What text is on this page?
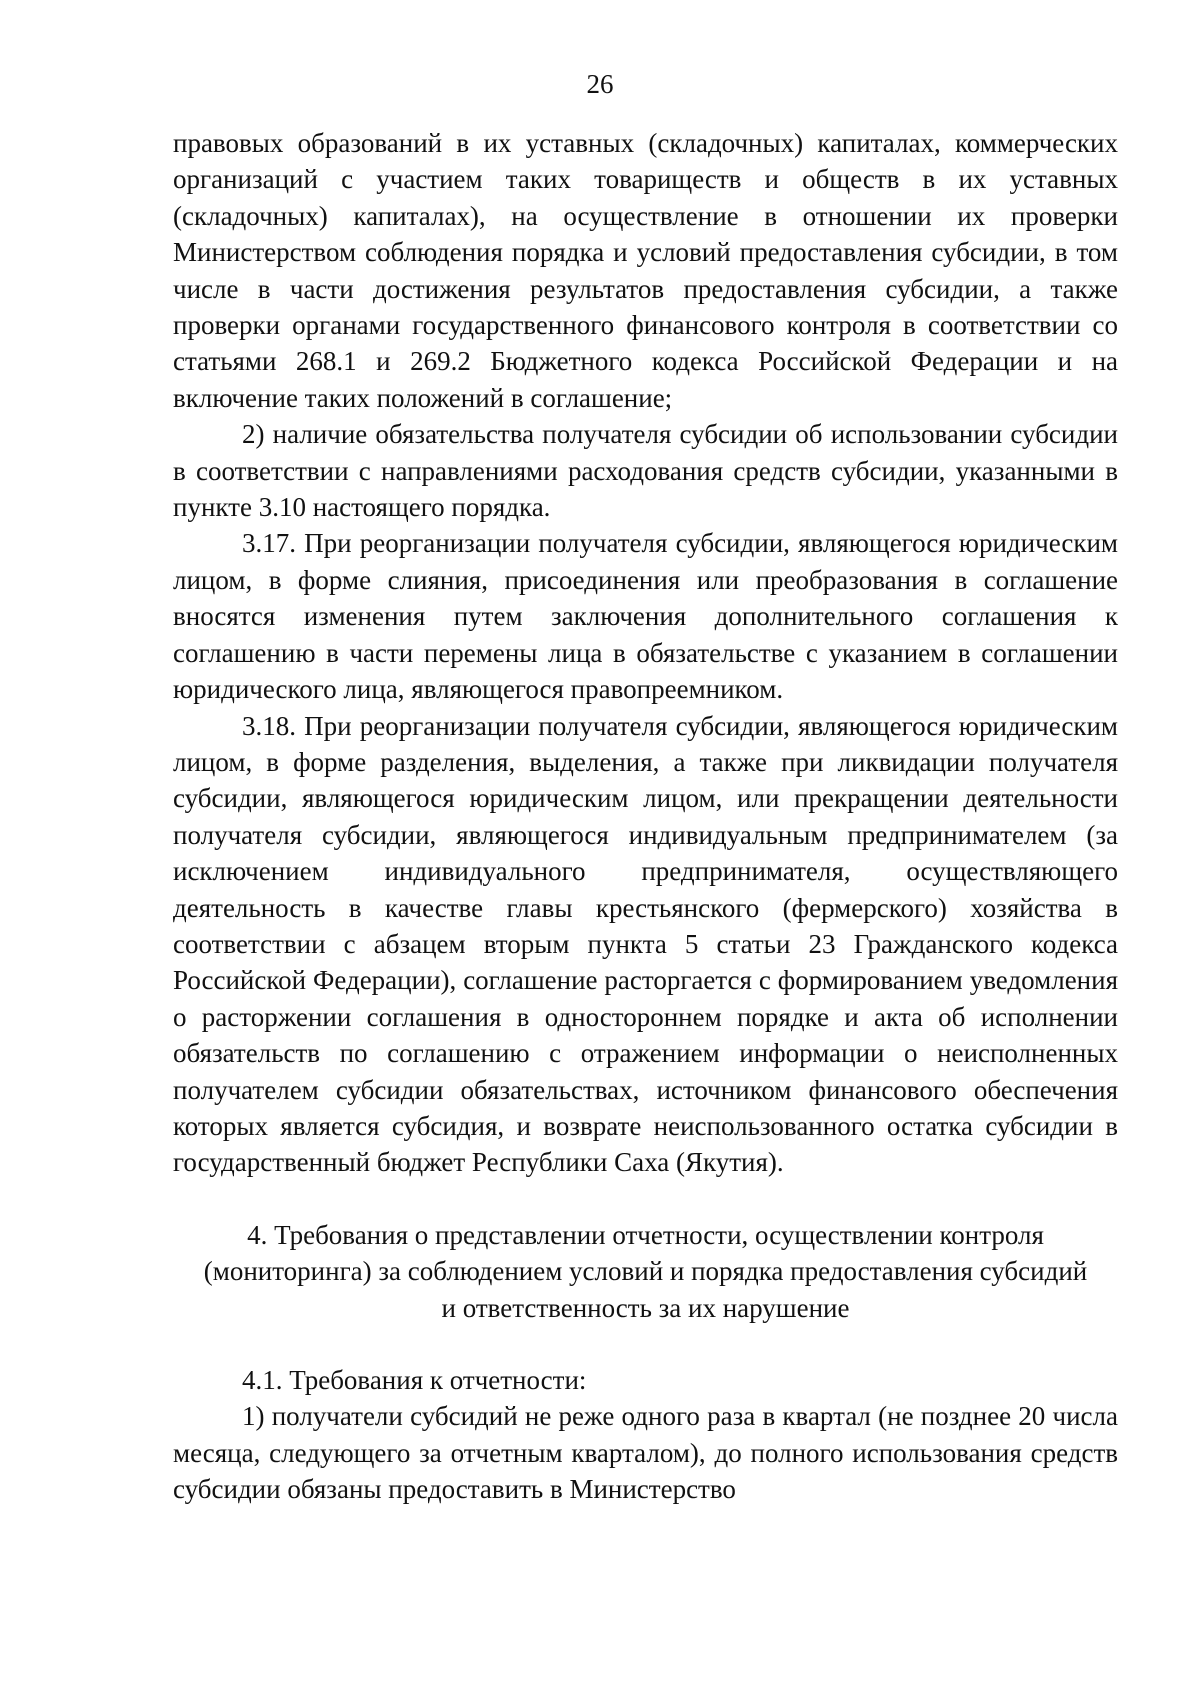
26

правовых образований в их уставных (складочных) капиталах, коммерческих организаций с участием таких товариществ и обществ в их уставных (складочных) капиталах), на осуществление в отношении их проверки Министерством соблюдения порядка и условий предоставления субсидии, в том числе в части достижения результатов предоставления субсидии, а также проверки органами государственного финансового контроля в соответствии со статьями 268.1 и 269.2 Бюджетного кодекса Российской Федерации и на включение таких положений в соглашение;

2) наличие обязательства получателя субсидии об использовании субсидии в соответствии с направлениями расходования средств субсидии, указанными в пункте 3.10 настоящего порядка.

3.17. При реорганизации получателя субсидии, являющегося юридическим лицом, в форме слияния, присоединения или преобразования в соглашение вносятся изменения путем заключения дополнительного соглашения к соглашению в части перемены лица в обязательстве с указанием в соглашении юридического лица, являющегося правопреемником.

3.18. При реорганизации получателя субсидии, являющегося юридическим лицом, в форме разделения, выделения, а также при ликвидации получателя субсидии, являющегося юридическим лицом, или прекращении деятельности получателя субсидии, являющегося индивидуальным предпринимателем (за исключением индивидуального предпринимателя, осуществляющего деятельность в качестве главы крестьянского (фермерского) хозяйства в соответствии с абзацем вторым пункта 5 статьи 23 Гражданского кодекса Российской Федерации), соглашение расторгается с формированием уведомления о расторжении соглашения в одностороннем порядке и акта об исполнении обязательств по соглашению с отражением информации о неисполненных получателем субсидии обязательствах, источником финансового обеспечения которых является субсидия, и возврате неиспользованного остатка субсидии в государственный бюджет Республики Саха (Якутия).

4. Требования о представлении отчетности, осуществлении контроля
(мониторинга) за соблюдением условий и порядка предоставления субсидий
и ответственность за их нарушение

4.1. Требования к отчетности:

1) получатели субсидий не реже одного раза в квартал (не позднее 20 числа месяца, следующего за отчетным кварталом), до полного использования средств субсидии обязаны предоставить в Министерство
